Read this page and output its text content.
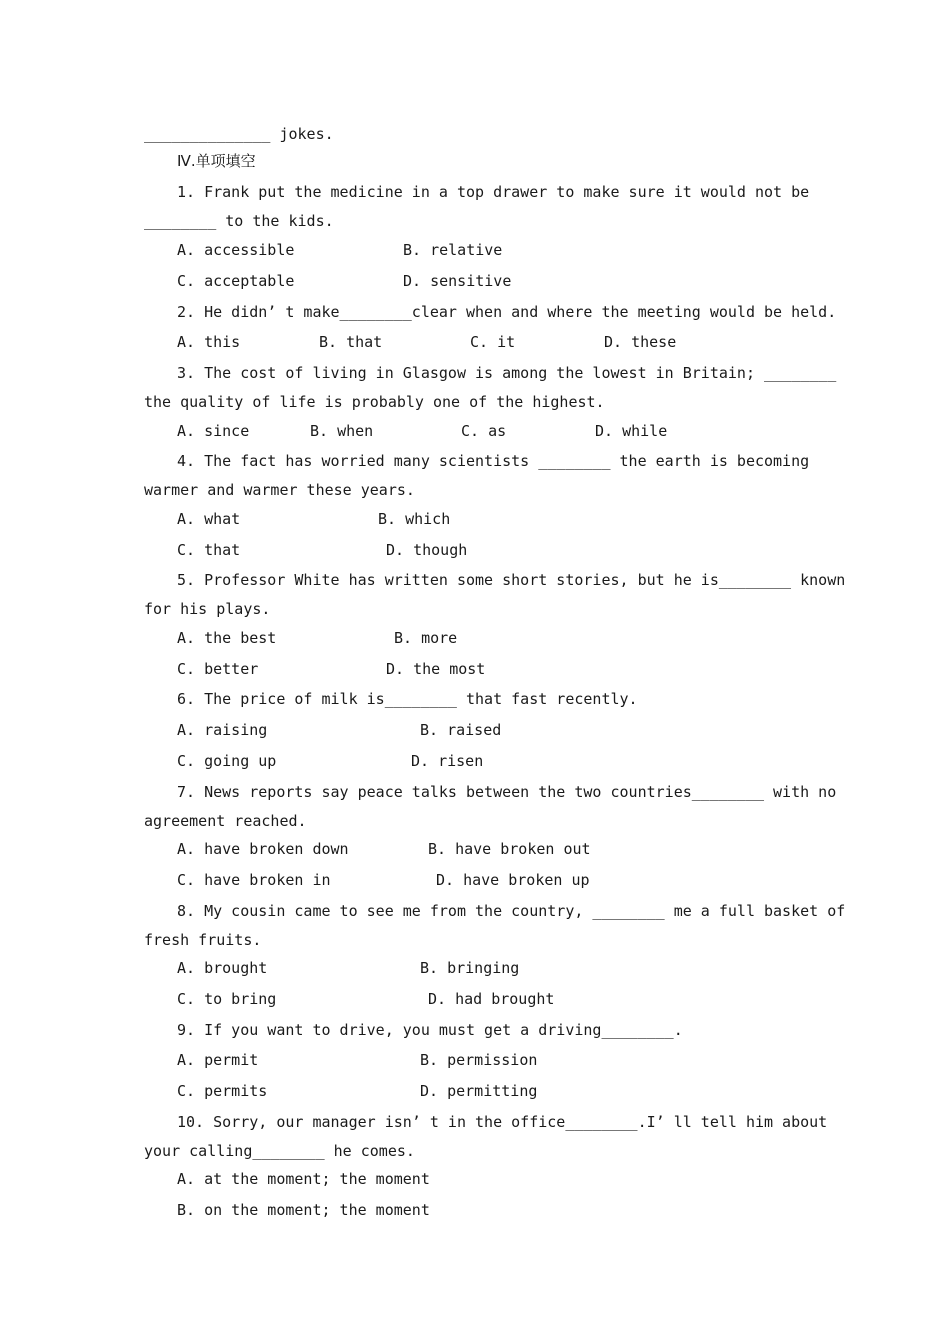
______________ jokes.
Ⅳ.单项填空
1. Frank put the medicine in a top drawer to make sure it would not be
________ to the kids.
A. accessible	B. relative
C. acceptable	D. sensitive
2. He didn’ t make________clear when and where the meeting would be held.
A. this	B. that	C. it	D. these
3. The cost of living in Glasgow is among the lowest in Britain; ________
the quality of life is probably one of the highest.
A. since	B. when	C. as	D. while
4. The fact has worried many scientists ________ the earth is becoming
warmer and warmer these years.
A. what	B. which
C. that	D. though
5. Professor White has written some short stories, but he is________ known
for his plays.
A. the best	B. more
C. better	D. the most
6. The price of milk is________ that fast recently.
A. raising	B. raised
C. going up	D. risen
7. News reports say peace talks between the two countries________ with no
agreement reached.
A. have broken down	B. have broken out
C. have broken in	D. have broken up
8. My cousin came to see me from the country, ________ me a full basket of
fresh fruits.
A. brought	B. bringing
C. to bring	D. had brought
9. If you want to drive, you must get a driving________.
A. permit	B. permission
C. permits	D. permitting
10. Sorry, our manager isn’ t in the office________.I’ ll tell him about
your calling________ he comes.
A. at the moment; the moment
B. on the moment; the moment
